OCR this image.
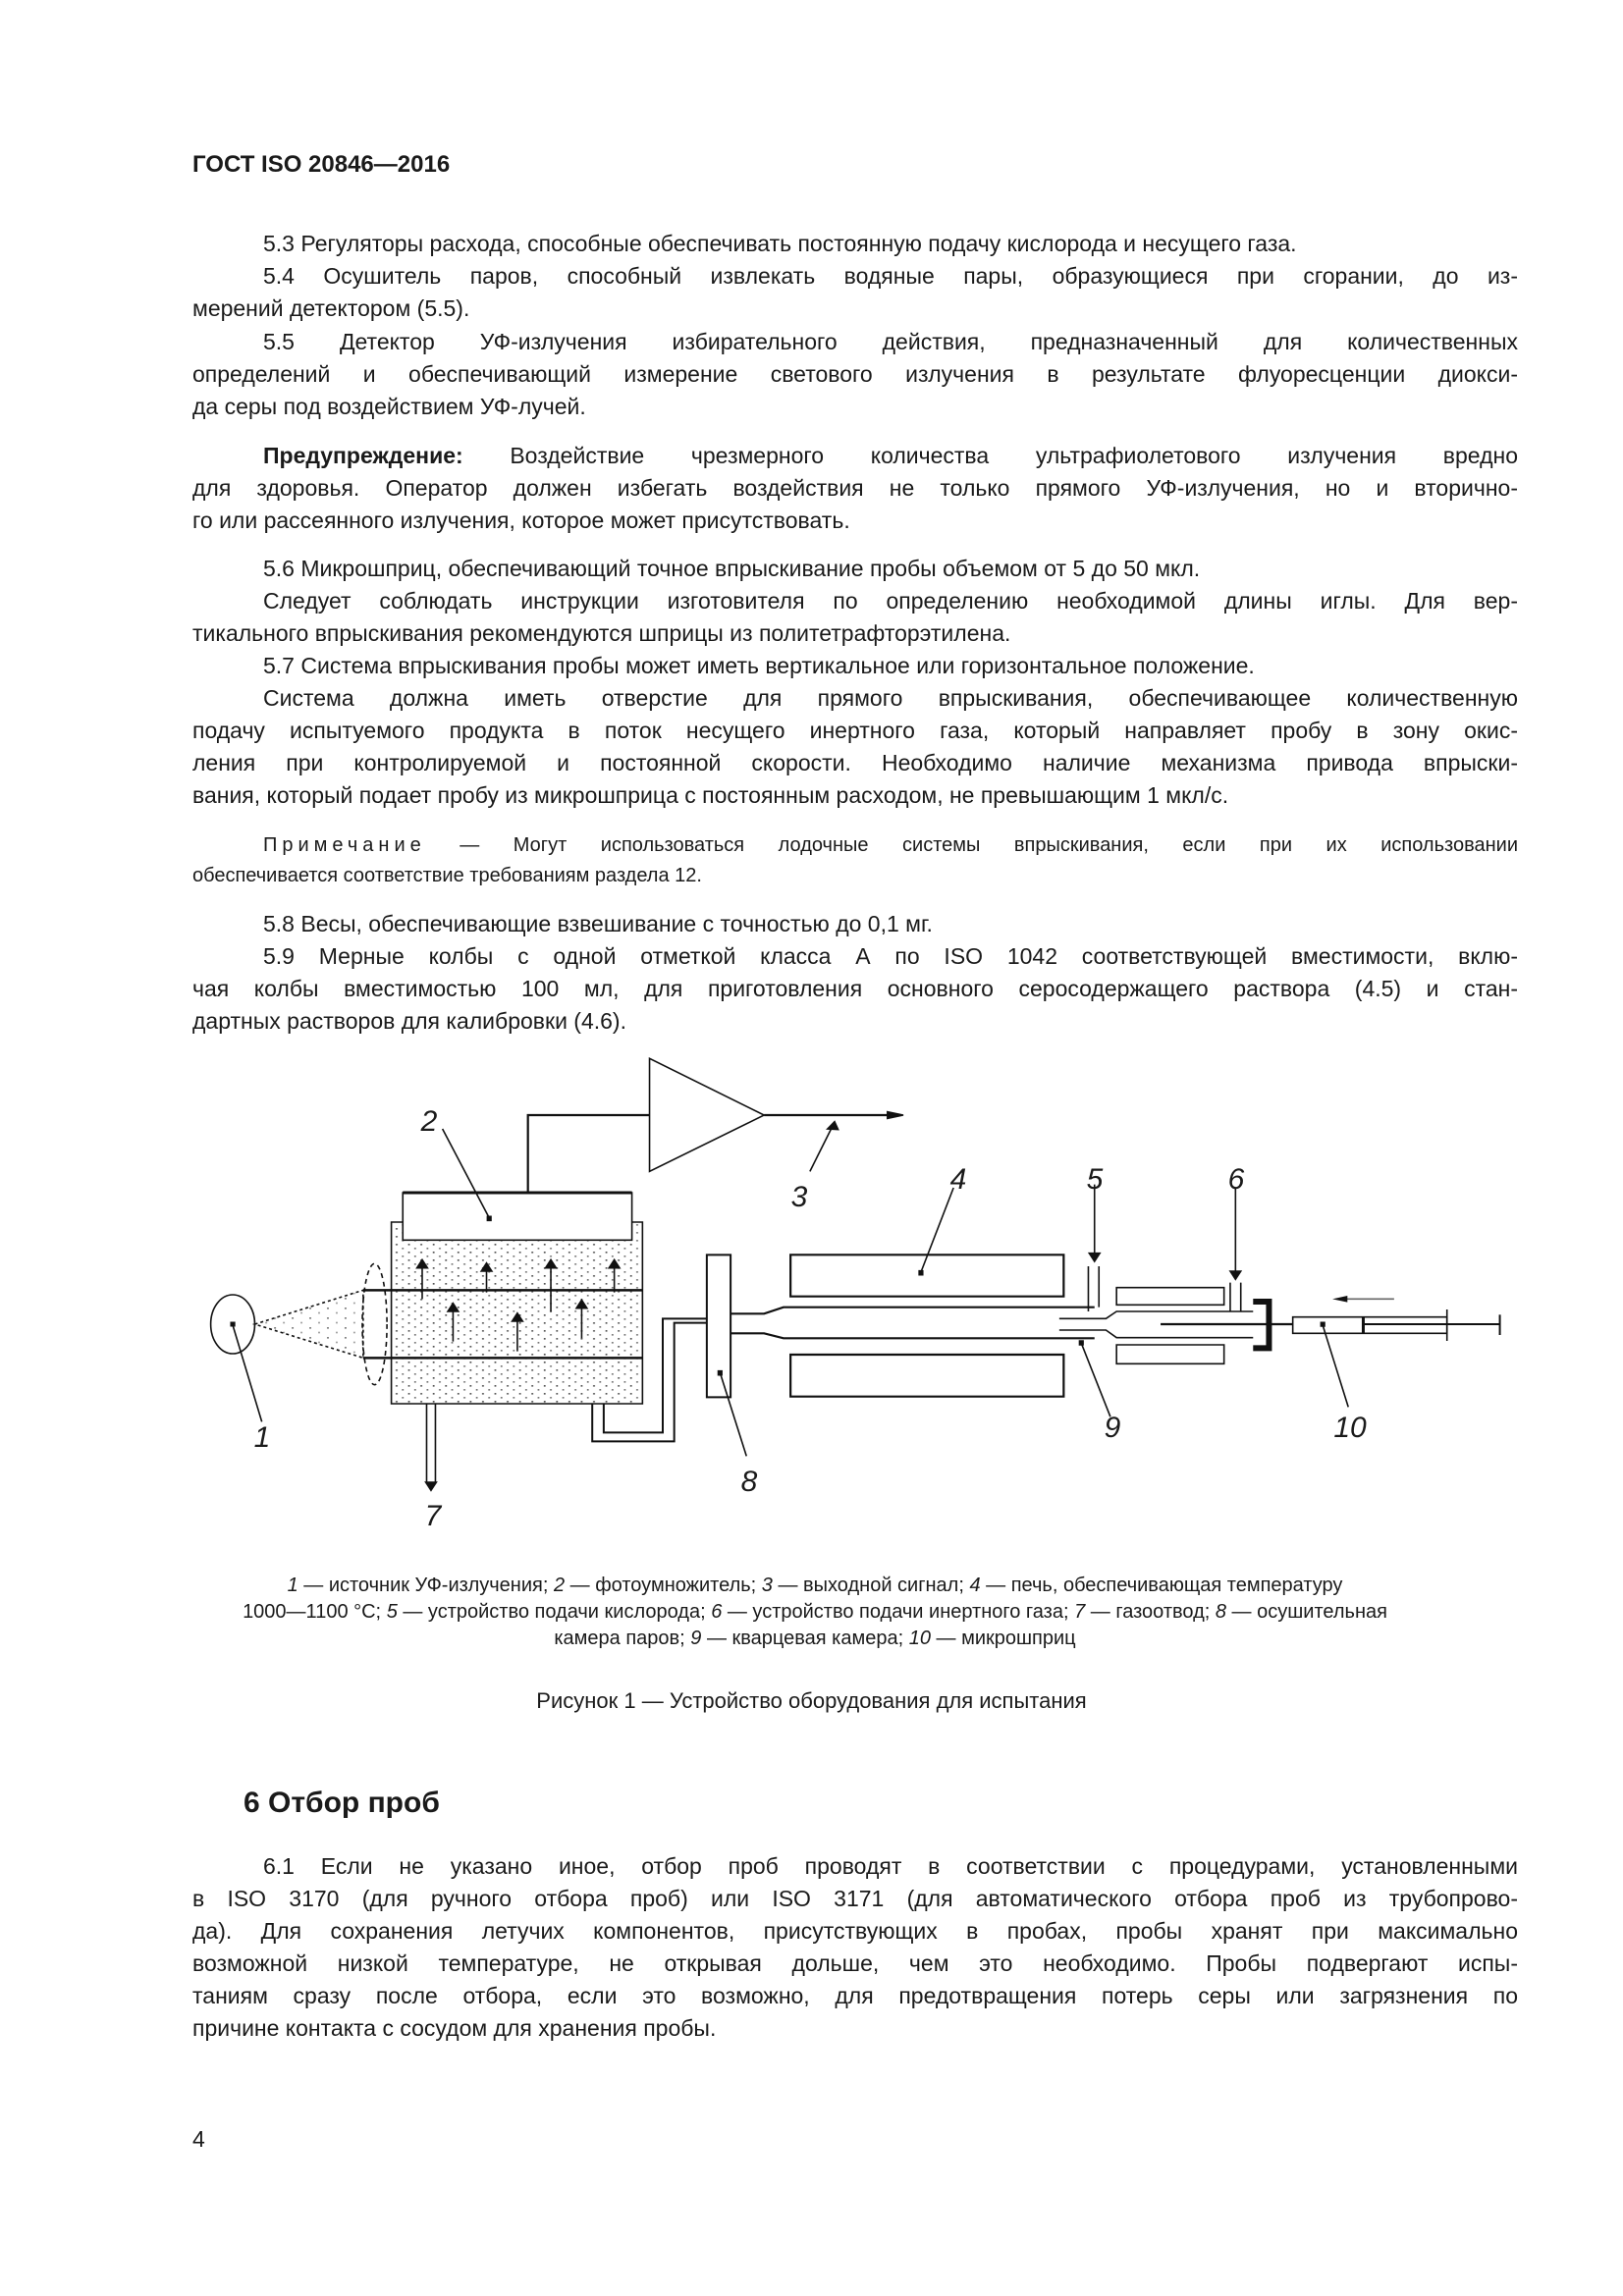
ГОСТ ISO 20846—2016
5.3 Регуляторы расхода, способные обеспечивать постоянную подачу кислорода и несущего газа.
5.4 Осушитель паров, способный извлекать водяные пары, образующиеся при сгорании, до из-
мерений детектором (5.5).
5.5 Детектор УФ-излучения избирательного действия, предназначенный для количественных
определений и обеспечивающий измерение светового излучения в результате флуоресценции диокси-
да серы под воздействием УФ-лучей.
Предупреждение: Воздействие чрезмерного количества ультрафиолетового излучения вредно
для здоровья. Оператор должен избегать воздействия не только прямого УФ-излучения, но и вторично-
го или рассеянного излучения, которое может присутствовать.
5.6 Микрошприц, обеспечивающий точное впрыскивание пробы объемом от 5 до 50 мкл.
Следует соблюдать инструкции изготовителя по определению необходимой длины иглы. Для вер-
тикального впрыскивания рекомендуются шприцы из политетрафторэтилена.
5.7 Система впрыскивания пробы может иметь вертикальное или горизонтальное положение.
Система должна иметь отверстие для прямого впрыскивания, обеспечивающее количественную
подачу испытуемого продукта в поток несущего инертного газа, который направляет пробу в зону окис-
ления при контролируемой и постоянной скорости. Необходимо наличие механизма привода впрыски-
вания, который подает пробу из микрошприца с постоянным расходом, не превышающим 1 мкл/с.
Примечание — Могут использоваться лодочные системы впрыскивания, если при их использовании
обеспечивается соответствие требованиям раздела 12.
5.8 Весы, обеспечивающие взвешивание с точностью до 0,1 мг.
5.9 Мерные колбы с одной отметкой класса А по ISO 1042 соответствующей вместимости, вклю-
чая колбы вместимостью 100 мл, для приготовления основного серосодержащего раствора (4.5) и стан-
дартных растворов для калибровки (4.6).
6.1 Если не указано иное, отбор проб проводят в соответствии с процедурами, установленными
в ISO 3170 (для ручного отбора проб) или ISO 3171 (для автоматического отбора проб из трубопрово-
да). Для сохранения летучих компонентов, присутствующих в пробах, пробы хранят при максимально
возможной низкой температуре, не открывая дольше, чем это необходимо. Пробы подвергают испы-
таниям сразу после отбора, если это возможно, для предотвращения потерь серы или загрязнения по
причине контакта с сосудом для хранения пробы.
1
2
3
4	5	6
7
8
9	10
1 — источник УФ-излучения; 2 — фотоумножитель; 3 — выходной сигнал; 4 — печь, обеспечивающая температуру
1000—1100 °С; 5 — устройство подачи кислорода; 6 — устройство подачи инертного газа; 7 — газоотвод; 8 — осушительная
камера паров; 9 — кварцевая камера; 10 — микрошприц
Рисунок 1 — Устройство оборудования для испытания
6 Отбор проб
4
